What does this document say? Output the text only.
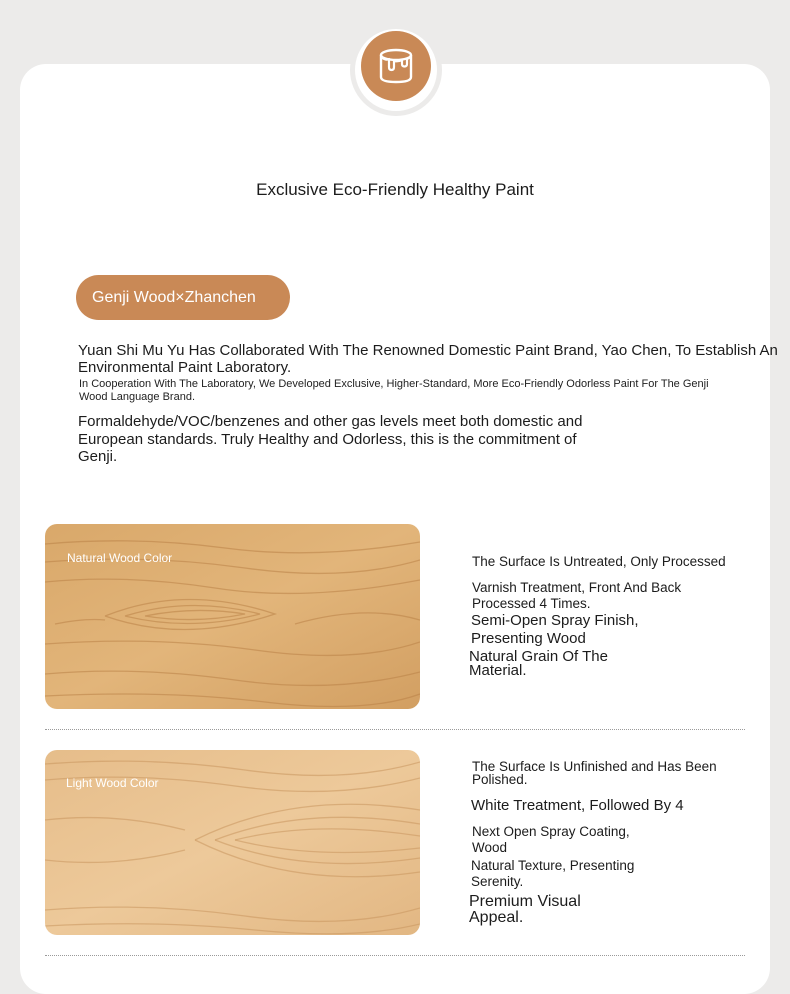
Exclusive Eco-Friendly Healthy Paint
Genji Wood×Zhanchen
Yuan Shi Mu Yu Has Collaborated With The Renowned Domestic Paint Brand, Yao Chen, To Establish An Environmental Paint Laboratory.
In Cooperation With The Laboratory, We Developed Exclusive, Higher-Standard, More Eco-Friendly Odorless Paint For The Genji Wood Language Brand.
Formaldehyde/VOC/benzenes and other gas levels meet both domestic and European standards. Truly Healthy and Odorless, this is the commitment of Genji.
Natural Wood Color	The Surface Is Untreated, Only Processed
Varnish Treatment, Front And Back Processed 4 Times.
Semi-Open Spray Finish, Presenting Wood
Natural Grain Of The Material.
Light Wood Color
The Surface Is Unfinished and Has Been Polished.
White Treatment, Followed By 4
Next Open Spray Coating, Wood
Natural Texture, Presenting Serenity.
Premium Visual Appeal.
